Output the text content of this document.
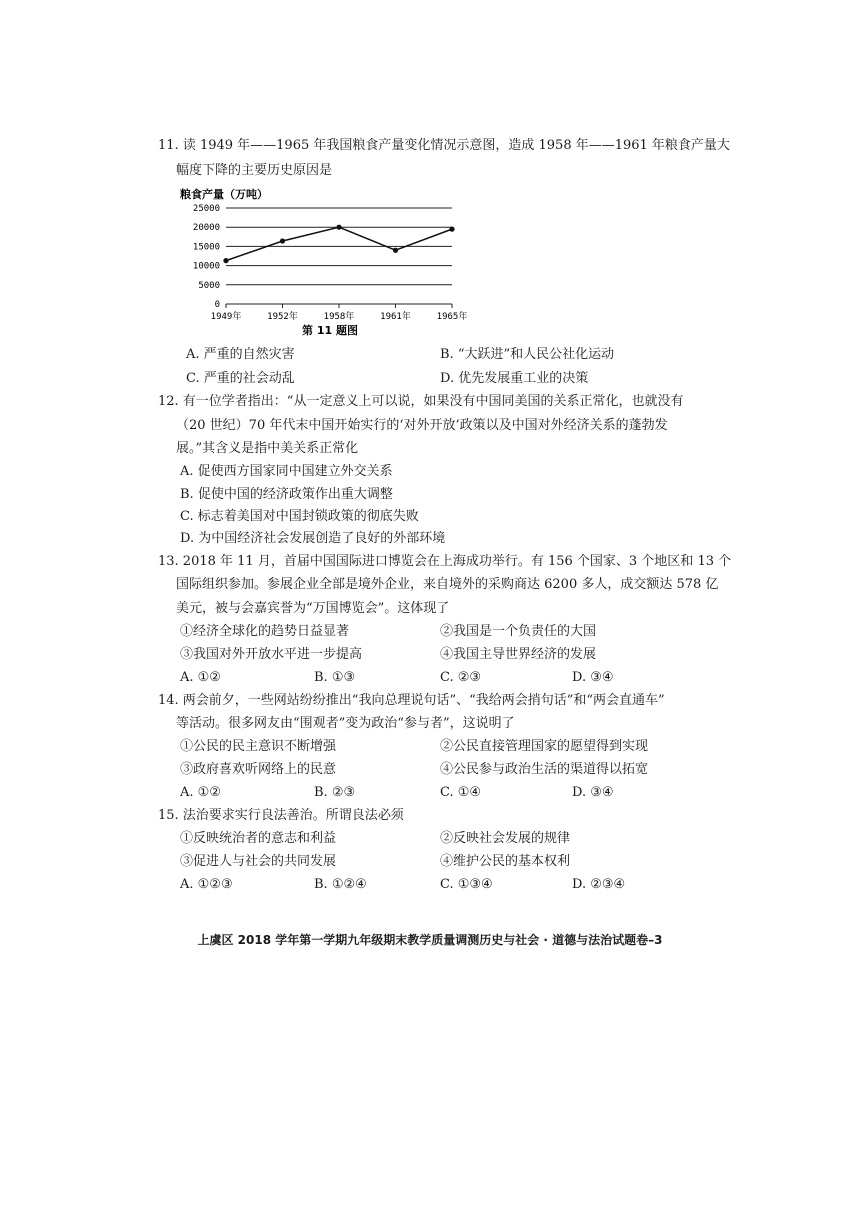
11. 读 1949 年——1965 年我国粮食产量变化情况示意图，造成 1958 年——1961 年粮食产量大
幅度下降的主要历史原因是
粮食产量（万吨）
25000
20000
15000
10000
5000
0
1949年	1952年	1958年	1961年	1965年
第 11 题图
A. 严重的自然灾害	B. “大跃进”和人民公社化运动
C. 严重的社会动乱	D. 优先发展重工业的决策
12. 有一位学者指出：“从一定意义上可以说，如果没有中国同美国的关系正常化，也就没有
（20 世纪）70 年代末中国开始实行的‘对外开放’政策以及中国对外经济关系的蓬勃发
展。”其含义是指中美关系正常化
A. 促使西方国家同中国建立外交关系
B. 促使中国的经济政策作出重大调整
C. 标志着美国对中国封锁政策的彻底失败
D. 为中国经济社会发展创造了良好的外部环境
13. 2018 年 11 月，首届中国国际进口博览会在上海成功举行。有 156 个国家、3 个地区和 13 个
国际组织参加。参展企业全部是境外企业，来自境外的采购商达 6200 多人，成交额达 578 亿
美元，被与会嘉宾誉为“万国博览会”。这体现了
①经济全球化的趋势日益显著	②我国是一个负责任的大国
③我国对外开放水平进一步提高	④我国主导世界经济的发展
A. ①②	B. ①③	C. ②③	D. ③④
14. 两会前夕，一些网站纷纷推出“我向总理说句话”、“我给两会捎句话”和“两会直通车”
等活动。很多网友由“围观者”变为政治“参与者”，这说明了
①公民的民主意识不断增强	②公民直接管理国家的愿望得到实现
③政府喜欢听网络上的民意	④公民参与政治生活的渠道得以拓宽
A. ①②	B. ②③	C. ①④	D. ③④
15. 法治要求实行良法善治。所谓良法必须
①反映统治者的意志和利益	②反映社会发展的规律
③促进人与社会的共同发展	④维护公民的基本权利
A. ①②③	B. ①②④	C. ①③④	D. ②③④
上虞区 2018 学年第一学期九年级期末教学质量调测历史与社会 · 道德与法治试题卷–3
